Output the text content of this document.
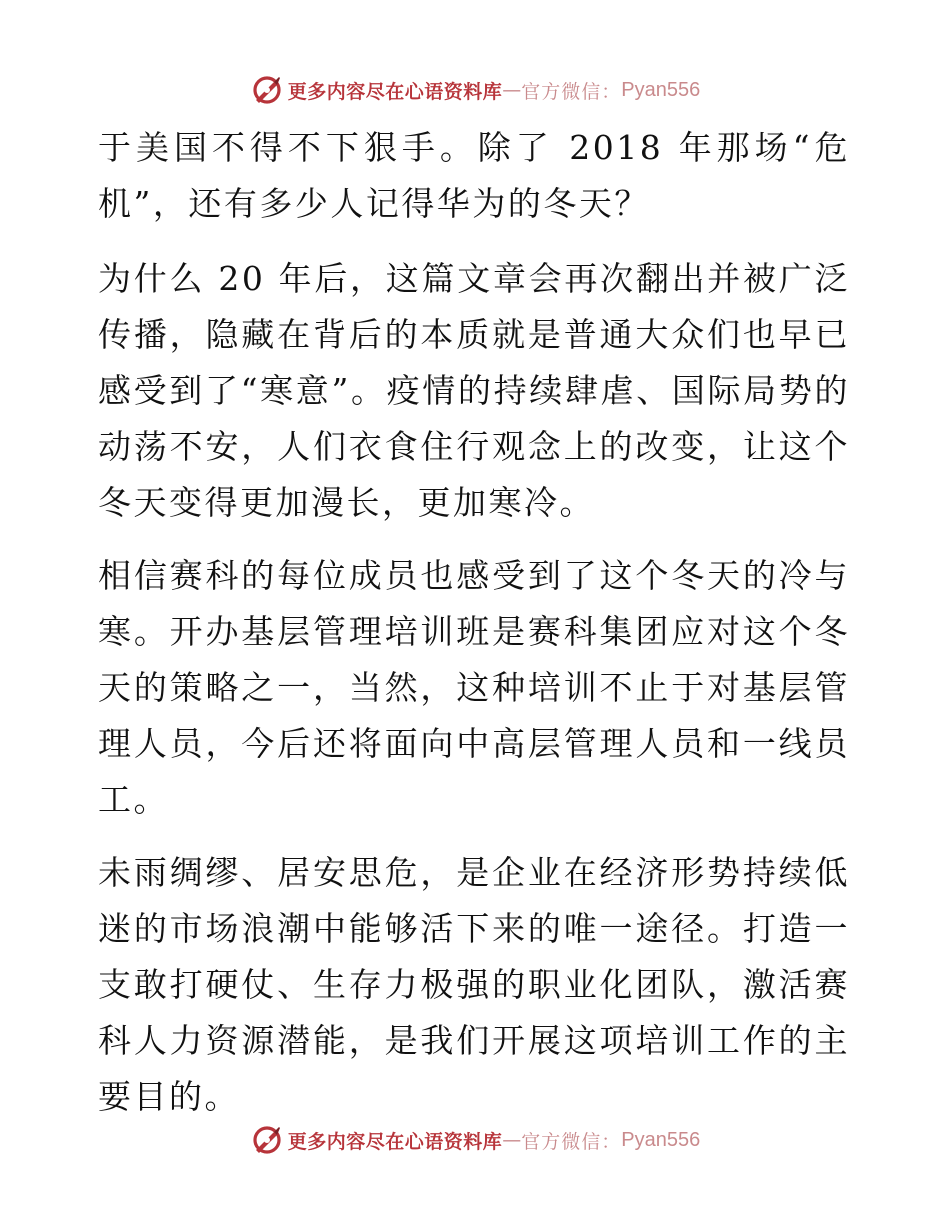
更多内容尽在心语资料库 — 官方微信： Pyan556

于美国不得不下狠手。除了 2018 年那场“危机”，还有多少人记得华为的冬天？

为什么 20 年后，这篇文章会再次翻出并被广泛传播，隐藏在背后的本质就是普通大众们也早已感受到了“寒意”。疫情的持续肆虐、国际局势的动荡不安，人们衣食住行观念上的改变，让这个冬天变得更加漫长，更加寒冷。

相信赛科的每位成员也感受到了这个冬天的冷与寒。开办基层管理培训班是赛科集团应对这个冬天的策略之一，当然，这种培训不止于对基层管理人员，今后还将面向中高层管理人员和一线员工。

未雨绸缪、居安思危，是企业在经济形势持续低迷的市场浪潮中能够活下来的唯一途径。打造一支敢打硬仗、生存力极强的职业化团队，激活赛科人力资源潜能，是我们开展这项培训工作的主要目的。

更多内容尽在心语资料库 — 官方微信： Pyan556
